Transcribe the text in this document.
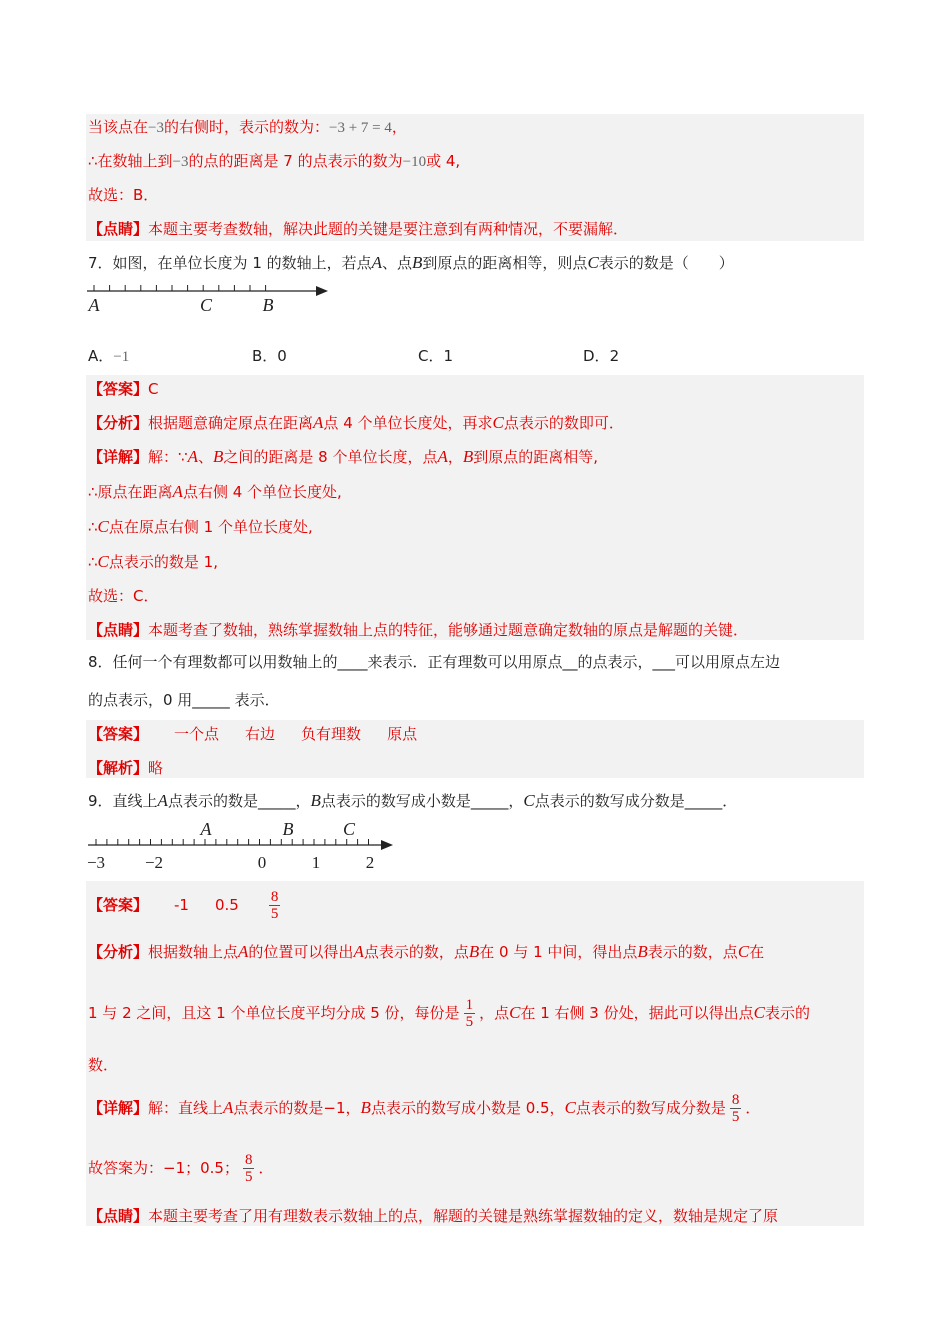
当该点在−3的右侧时，表示的数为：−3 + 7 = 4，
∴在数轴上到−3的点的距离是 7 的点表示的数为−10或 4,
故选：B．
【点睛】本题主要考查数轴，解决此题的关键是要注意到有两种情况，不要漏解．
7．如图，在单位长度为 1 的数轴上，若点A、点B到原点的距离相等，则点C表示的数是（　　）
A	C	B
A．−1	B．0	C．1	D．2
【答案】C
【分析】根据题意确定原点在距离A点 4 个单位长度处，再求C点表示的数即可．
【详解】解：∵A、B之间的距离是 8 个单位长度，点A，B到原点的距离相等,
∴原点在距离A点右侧 4 个单位长度处,
∴C点在原点右侧 1 个单位长度处,
∴C点表示的数是 1,
故选：C．
【点睛】本题考查了数轴，熟练掌握数轴上点的特征，能够通过题意确定数轴的原点是解题的关键．
8．任何一个有理数都可以用数轴上的____来表示．正有理数可以用原点__的点表示，___可以用原点左边
的点表示，0 用_____ 表示．
【答案】 一个点 右边 负有理数 原点
【解析】略
9．直线上A点表示的数是_____，B点表示的数写成小数是_____，C点表示的数写成分数是_____．
A	B	C
−3 −2	0	1	2
【答案】 -1 $0.5 \frac{8}{5}$
【分析】根据数轴上点A的位置可以得出A点表示的数，点B在 0 与 1 中间，得出点B表示的数，点C在
1 与 2 之间，且这 1 个单位长度平均分成 5 份，每份是 $\frac{1}{5}$ ，点C在 1 右侧 3 份处，据此可以得出点C表示的
数．
【详解】解：直线上A点表示的数是−1，B点表示的数写成小数是 0.5，C点表示的数写成分数是 $\frac{8}{5}$ ．
故答案为：−1；0.5； $\frac{8}{5}$ ．
【点睛】本题主要考查了用有理数表示数轴上的点，解题的关键是熟练掌握数轴的定义，数轴是规定了原
